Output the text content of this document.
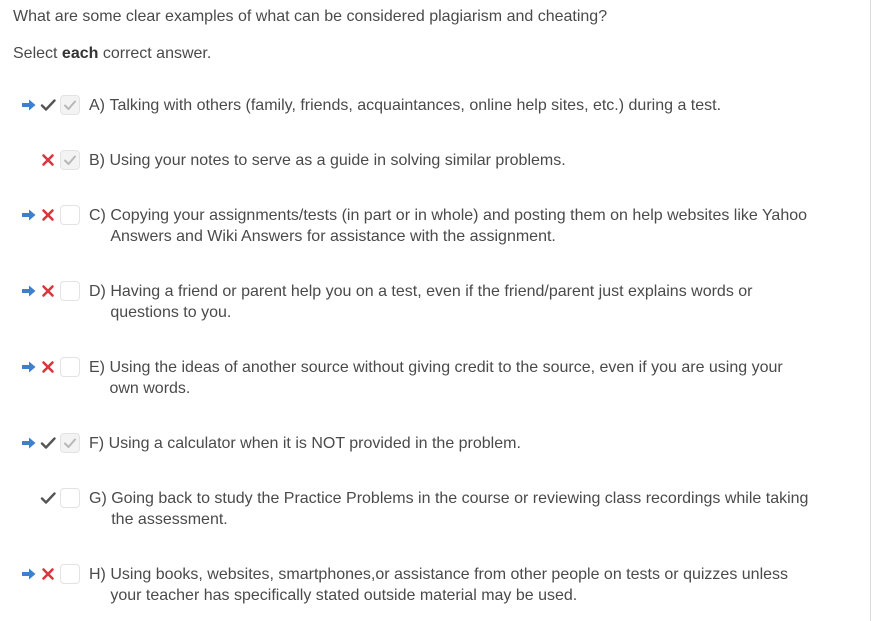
What are some clear examples of what can be considered plagiarism and cheating?

Select each correct answer.

A) Talking with others (family, friends, acquaintances, online help sites, etc.) during a test.
B) Using your notes to serve as a guide in solving similar problems.
C) Copying your assignments/tests (in part or in whole) and posting them on help websites like Yahoo
Answers and Wiki Answers for assistance with the assignment.
D) Having a friend or parent help you on a test, even if the friend/parent just explains words or
questions to you.
E) Using the ideas of another source without giving credit to the source, even if you are using your
own words.
F) Using a calculator when it is NOT provided in the problem.
G) Going back to study the Practice Problems in the course or reviewing class recordings while taking
the assessment.
H) Using books, websites, smartphones,or assistance from other people on tests or quizzes unless
your teacher has specifically stated outside material may be used.
